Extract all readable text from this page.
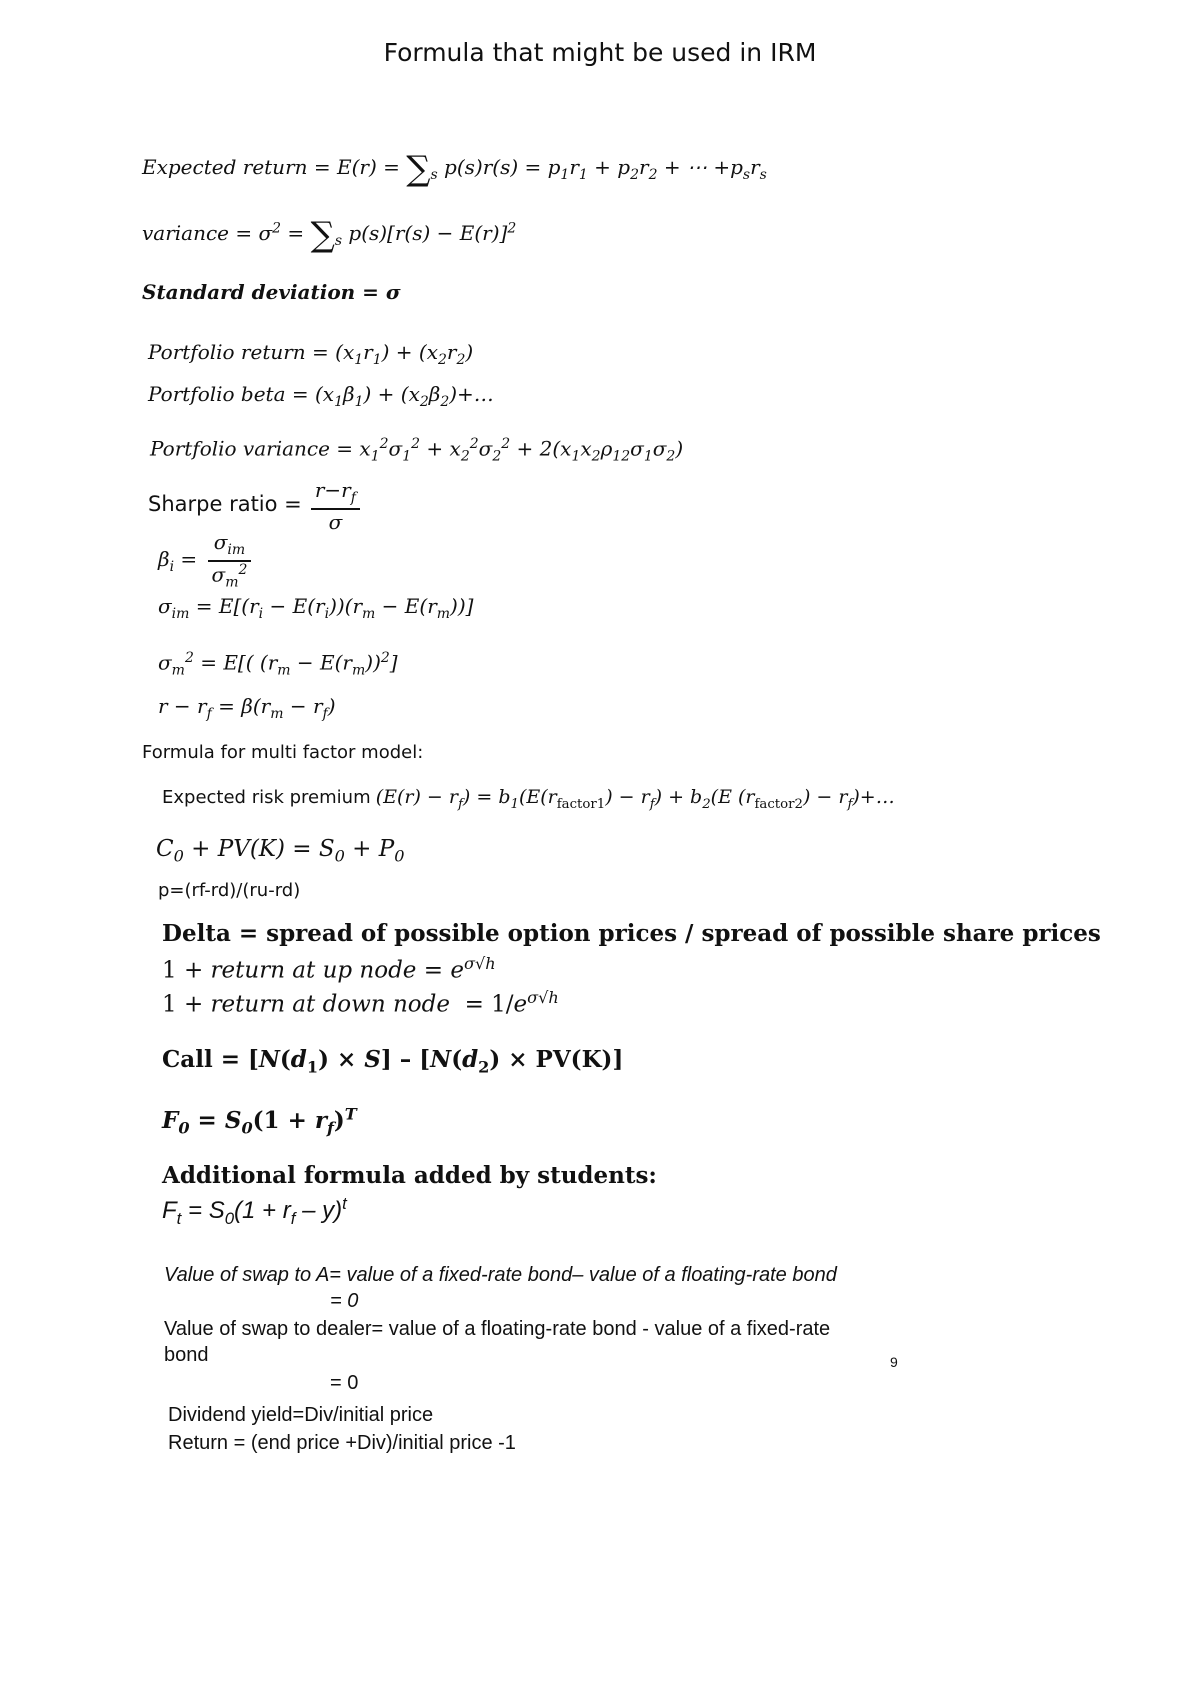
Formula that might be used in IRM
Expected return = $E(r) = \sum_s$ $p(s)r(s) = p_1r_1 + p_2r_2$ + ⋯ $+p_sr_s$
variance = $\sigma^2 = \sum_s$ $p(s)[r(s) - E(r)]^2$
Standard deviation = σ
Portfolio return = $(x_1r_1) + (x_2r_2)$
Portfolio beta = $(x_1\beta_1)$ + $(x_2\beta_2)+\dots$
Portfolio variance = $x_1^2\sigma_1^2 + x_2^2\sigma_2^2 + 2(x_1x_2\rho_{12}\sigma_1\sigma_2)$
Sharpe ratio = $\frac{r-r_f}{\sigma}$
$\beta_i = \frac{\sigma_{im}}{\sigma_m^2}$
$\sigma_{im} = E[(r_i - E(r_i))(r_m - E(r_m))]$
$\sigma_m^2 = E$[( $(r_m - E(r_m))^2$]
$r - r_f = \beta(r_m - r_f)$
Formula for multi factor model:
Expected risk premium $(E(r) - r_f) = b_1(E(r_{factor1}) - r_f) + b_2(E$ $(r_{factor2})$ − $r_f)+\dots$
$C_0 + PV(K) = S_0 + P_0$
p=(rf-rd)/(ru-rd)
Delta = spread of possible option prices / spread of possible share prices
1 + return at up node = $e^{\sigma√h}$
1 + return at down node  = $1/e^{\sigma√h}$
Call = $[N(d_1) \times S] - [N(d_2) \times PV(K)]$
$F_0 = S_0(1 + r_f)^T$
Additional formula added by students:
$F_t = S_0(1 + r_f - y)^t$
Value of swap to A= value of a fixed-rate bond– value of a floating-rate bond
= 0
Value of swap to dealer= value of a floating-rate bond - value of a fixed-rate
bond	9
= 0
Dividend yield=Div/initial price
Return = (end price +Div)/initial price -1
